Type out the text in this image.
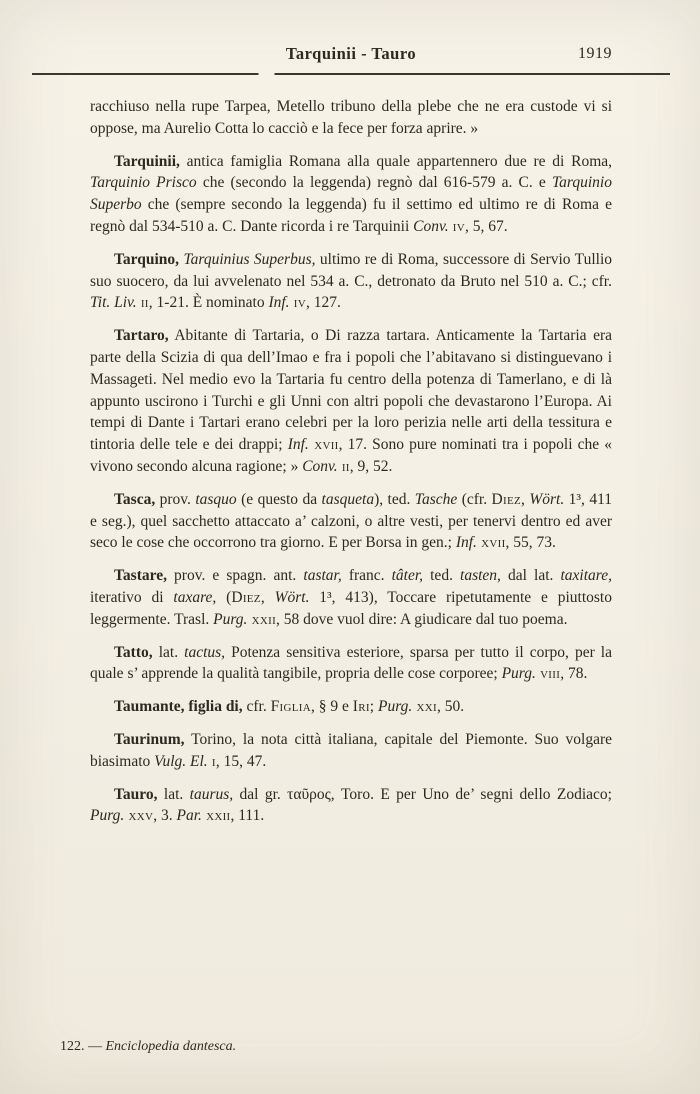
Tarquinii - Tauro	1919

racchiuso nella rupe Tarpea, Metello tribuno della plebe che ne era custode vi si oppose, ma Aurelio Cotta lo cacciò e la fece per forza aprire. »

Tarquinii, antica famiglia Romana alla quale appartennero due re di Roma, Tarquinio Prisco che (secondo la leggenda) regnò dal 616-579 a. C. e Tarquinio Superbo che (sempre secondo la leggenda) fu il settimo ed ultimo re di Roma e regnò dal 534-510 a. C. Dante ricorda i re Tarquinii Conv. iv, 5, 67.

Tarquino, Tarquinius Superbus, ultimo re di Roma, successore di Servio Tullio suo suocero, da lui avvelenato nel 534 a. C., detronato da Bruto nel 510 a. C.; cfr. Tit. Liv. ii, 1-21. È nominato Inf. iv, 127.

Tartaro, Abitante di Tartaria, o Di razza tartara. Anticamente la Tartaria era parte della Scizia di qua dell’Imao e fra i popoli che l’abitavano si distinguevano i Massageti. Nel medio evo la Tartaria fu centro della potenza di Tamerlano, e di là appunto uscirono i Turchi e gli Unni con altri popoli che devastarono l’Europa. Ai tempi di Dante i Tartari erano celebri per la loro perizia nelle arti della tessitura e tintoria delle tele e dei drappi; Inf. xvii, 17. Sono pure nominati tra i popoli che « vivono secondo alcuna ragione; » Conv. ii, 9, 52.

Tasca, prov. tasquo (e questo da tasqueta), ted. Tasche (cfr. Diez, Wört. 1³, 411 e seg.), quel sacchetto attaccato a’ calzoni, o altre vesti, per tenervi dentro ed aver seco le cose che occorrono tra giorno. E per Borsa in gen.; Inf. xvii, 55, 73.

Tastare, prov. e spagn. ant. tastar, franc. tâter, ted. tasten, dal lat. taxitare, iterativo di taxare, (Diez, Wört. 1³, 413), Toccare ripetutamente e piuttosto leggermente. Trasl. Purg. xxii, 58 dove vuol dire: A giudicare dal tuo poema.

Tatto, lat. tactus, Potenza sensitiva esteriore, sparsa per tutto il corpo, per la quale s’ apprende la qualità tangibile, propria delle cose corporee; Purg. viii, 78.

Taumante, figlia di, cfr. Figlia, § 9 e Iri; Purg. xxi, 50.

Taurinum, Torino, la nota città italiana, capitale del Piemonte. Suo volgare biasimato Vulg. El. i, 15, 47.

Tauro, lat. taurus, dal gr. ταῦρος, Toro. E per Uno de’ segni dello Zodiaco; Purg. xxv, 3. Par. xxii, 111.

122. — Enciclopedia dantesca.
